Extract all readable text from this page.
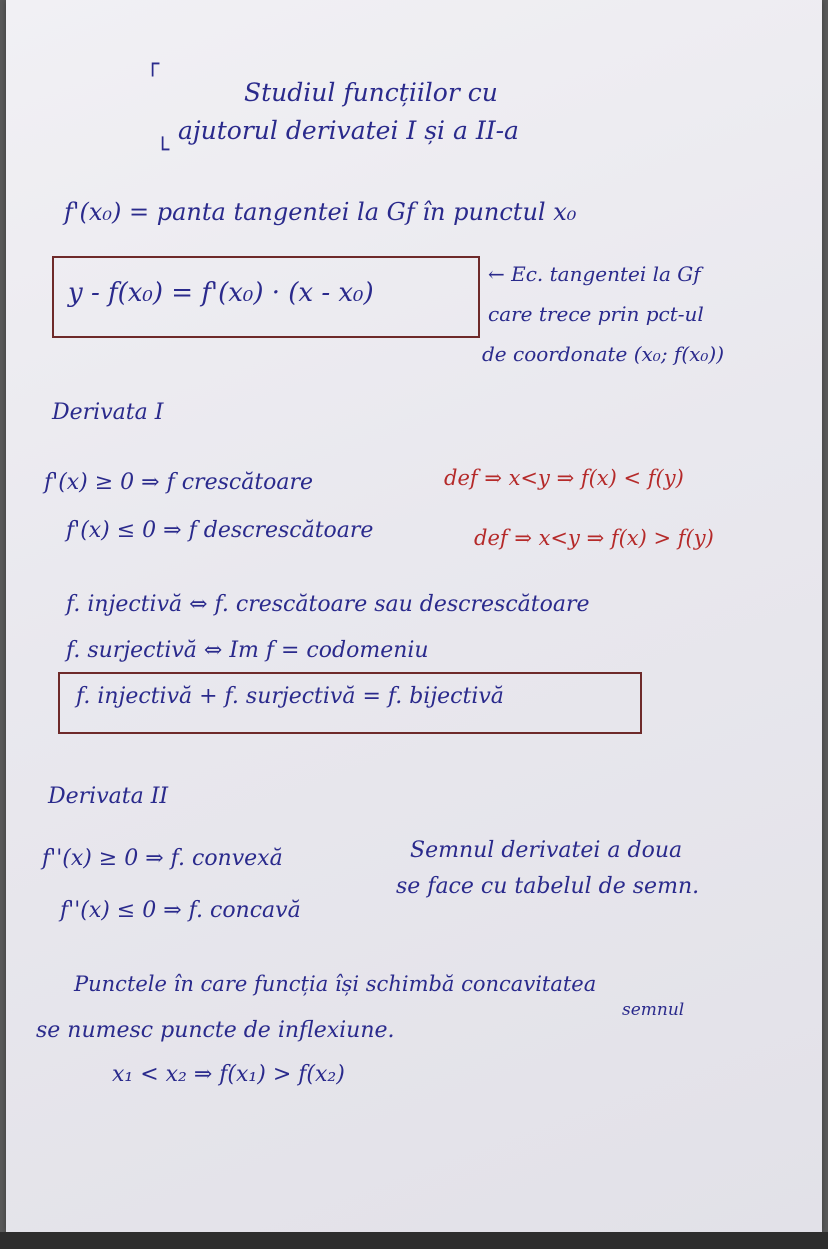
┌
Studiul funcțiilor cu
ajutorul derivatei I și a II-a
└
f'(x₀) = panta tangentei la Gf în punctul x₀
y - f(x₀) = f'(x₀) · (x - x₀)
← Ec. tangentei la Gf
care trece prin pct-ul
de coordonate (x₀; f(x₀))
Derivata I
f'(x) ≥ 0 ⇒ f crescătoare	def ⇒ x<y ⇒ f(x) < f(y)
f'(x) ≤ 0 ⇒ f descrescătoare	def ⇒ x<y ⇒ f(x) > f(y)
f. injectivă ⇔ f. crescătoare sau descrescătoare
f. surjectivă ⇔ Im f = codomeniu
f. injectivă + f. surjectivă = f. bijectivă
Derivata II
f''(x) ≥ 0 ⇒ f. convexă
f''(x) ≤ 0 ⇒ f. concavă
Semnul derivatei a doua
se face cu tabelul de semn.
Punctele în care funcția își schimbă concavitatea
semnul
se numesc puncte de inflexiune.
x₁ < x₂ ⇒ f(x₁) > f(x₂)
